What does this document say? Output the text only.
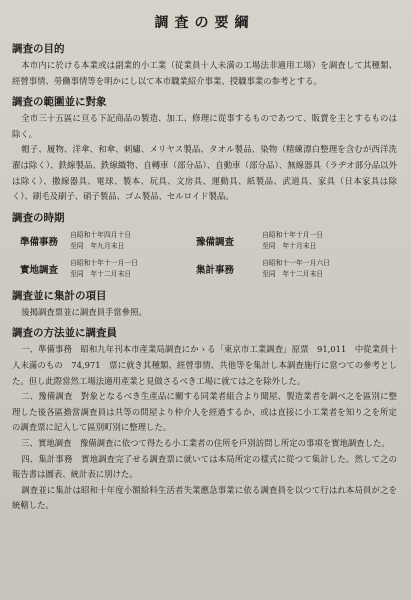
調査の要綱
調査の目的

本市内に於ける本業或は副業的小工業（従業員十人未満の工場法非適用工場）を調査して其種類、經營事情、勞働事情等を明かにし以て本市職業紹介事業、授職事業の参考とする。

調査の範圍並に對象

全市三十五區に亘る下記商品の製造、加工、修理に從事するものであつて、販賣を主とするものは除く。

帽子、履物、洋傘、和傘、刺繡、メリヤス製品、タオル製品、染物（精練漂白整理を含むが西洋洗濯は除く）、鉄線製品、鉄線織物、自轉車（部分品）、自動車（部分品）、無線器具（ラヂオ部分品以外は除く）、撒線器具、電球、製本、玩具、文房具、運動具、紙製品、武道具、家具（日本家具は除く）、刷毛及刷子、硝子製品、ゴム製品、セルロイド製品。

調査の時期
準備事務
自昭和十年四月十日
至同　年九月末日	豫備調査
自昭和十年十月一日
至同　年十月末日
實地調査
自昭和十年十一月一日
至同　年十二月末日	集計事務
自昭和十一年一月六日
至同　年十二月末日
調査並に集計の項目

後揭調査票並に調査員手當參照。

調査の方法並に調査員

一、準備事務　昭和九年刊本市產業局調査にかゝる「東京市工業調査」原票　91,011　中從業員十人未滿のもの　74,971　票に就き其種類、經營事情、共他等を集計し本調査施行に當つての參考とした。但し此際當然工場法適用產業と見做さるべき工場に就ては之を除外した。

二、豫備調査　對象となるべき生產品に關する同業者組合より聞屋、製造業者を調べ之を區別に整理した後各區擔當調査員は共等の問屋より仲介人を經過するか、或は直接に小工業者を知り之を所定の調査票に記入して區別町別に整理した。

三、實地調査　豫備調査に依つて得たる小工業者の住所を戶別訪問し所定の事項を實地調査した。

四、集計事務　實地調査完了せる調査票に就いては本局所定の樣式に從つて集計した。然して之の報告書は圖表、統計表に別けた。

調査並に集計は昭和十年度小額給料生活者失業應急事業に依る調査員を以つて行はれ本局員が之を統轄した。
